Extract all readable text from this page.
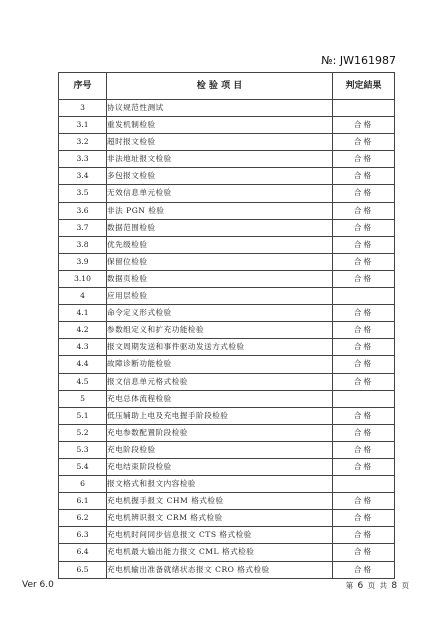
№: JW161987
序号	检 验 项 目	判定結果
3	协议规范性测试	
3.1	重发机制检验	合格
3.2	超时报文检验	合格
3.3	非法地址报文检验	合格
3.4	多包报文检验	合格
3.5	无效信息单元检验	合格
3.6	非法 PGN 检验	合格
3.7	数据范围检验	合格
3.8	优先级检验	合格
3.9	保留位检验	合格
3.10	数据页检验	合格
4	应用层检验	
4.1	命令定义形式检验	合格
4.2	参数组定义和扩充功能检验	合格
4.3	报文周期发送和事件驱动发送方式检验	合格
4.4	故障诊断功能检验	合格
4.5	报文信息单元格式检验	合格
5	充电总体流程检验	
5.1	低压辅助上电及充电握手阶段检验	合格
5.2	充电参数配置阶段检验	合格
5.3	充电阶段检验	合格
5.4	充电结束阶段检验	合格
6	报文格式和报文内容检验	
6.1	充电机握手报文 CHM 格式检验	合格
6.2	充电机辨识报文 CRM 格式检验	合格
6.3	充电机时间同步信息报文 CTS 格式检验	合格
6.4	充电机最大输出能力报文 CML 格式检验	合格
6.5	充电机输出准备就绪状态报文 CRO 格式检验	合格
Ver 6.0	第 6 页 共 8 页
